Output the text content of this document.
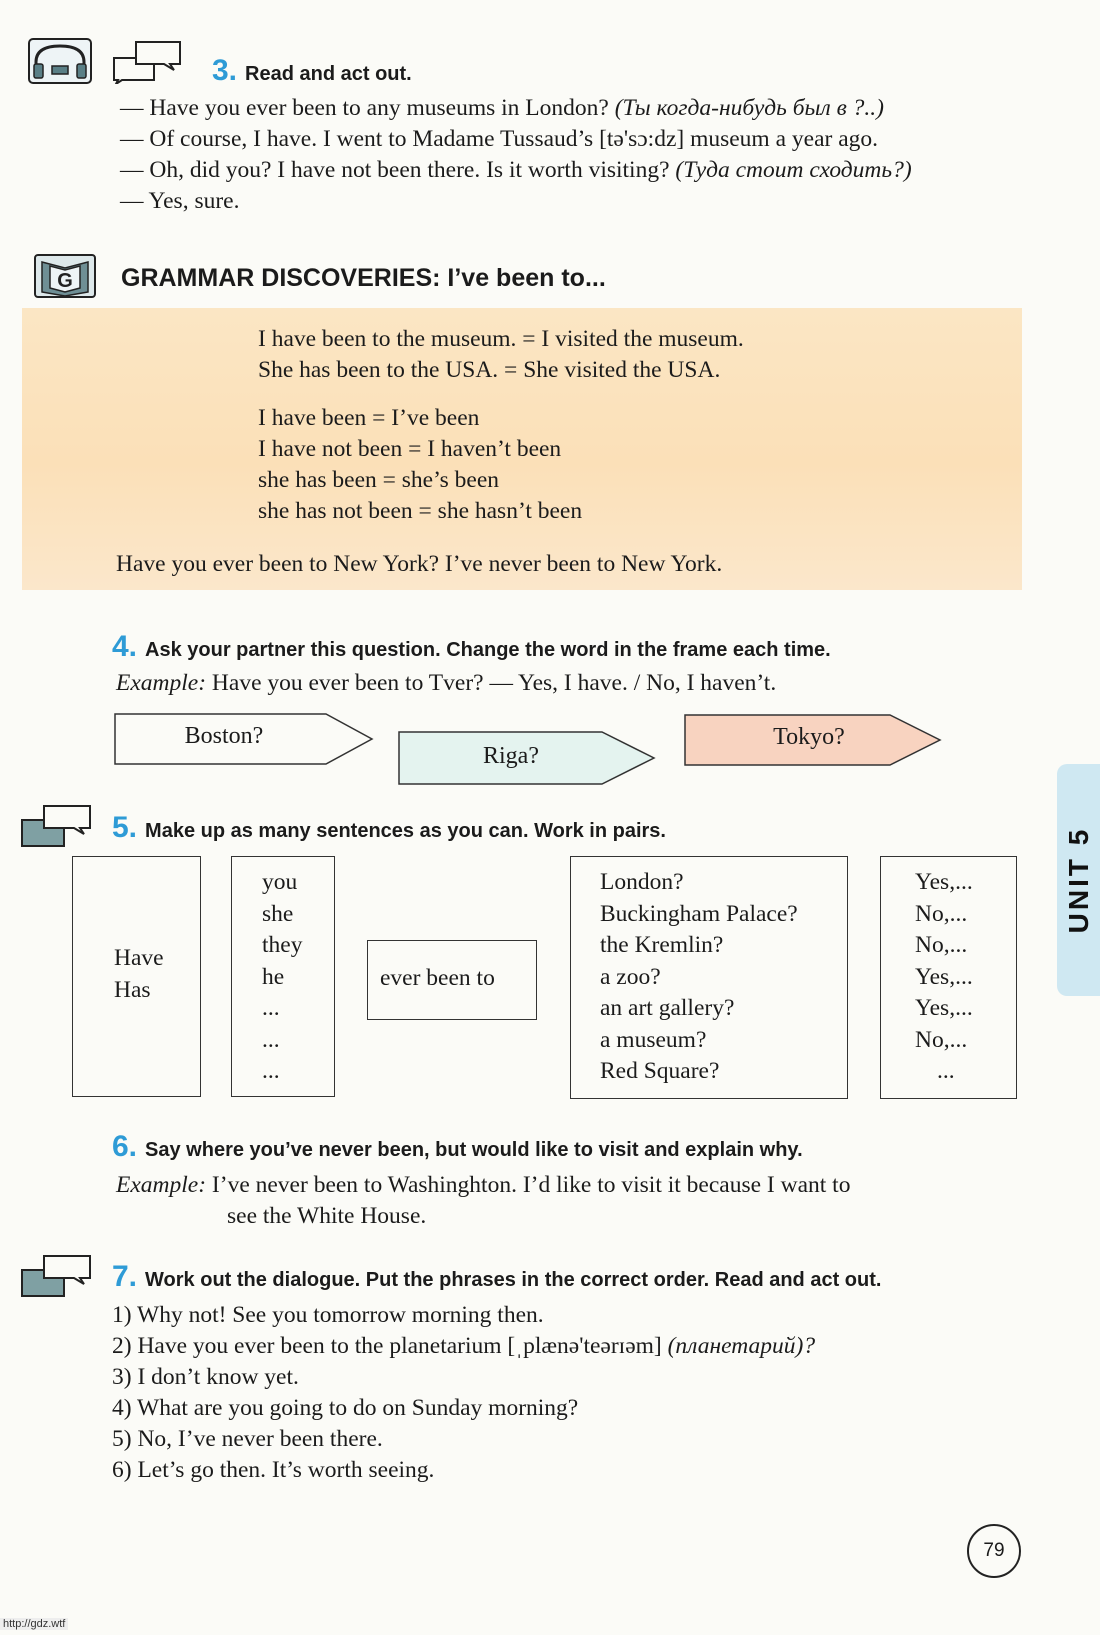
3. Read and act out.
— Have you ever been to any museums in London? (Ты когда-нибудь был в ?..)
— Of course, I have. I went to Madame Tussaud’s [tə'sɔ:dz] museum a year ago.
— Oh, did you? I have not been there. Is it worth visiting? (Туда стоит сходить?)
— Yes, sure.
G GRAMMAR DISCOVERIES: I’ve been to...
I have been to the museum. = I visited the museum.
She has been to the USA. = She visited the USA.
I have been = I’ve been
I have not been = I haven’t been
she has been = she’s been
she has not been = she hasn’t been
Have you ever been to New York? I’ve never been to New York.
4. Ask your partner this question. Change the word in the frame each time.
Example: Have you ever been to Tver? — Yes, I have. / No, I haven’t.
Boston?
Riga?
Tokyo?
5. Make up as many sentences as you can. Work in pairs.
Have
Has
you
she
they
he
...
...
...
ever been to
London?
Buckingham Palace?
the Kremlin?
a zoo?
an art gallery?
a museum?
Red Square?
Yes,...
No,...
No,...
Yes,...
Yes,...
No,...
...
6. Say where you’ve never been, but would like to visit and explain why.
Example: I’ve never been to Washinghton. I’d like to visit it because I want to
see the White House.
7. Work out the dialogue. Put the phrases in the correct order. Read and act out.
1) Why not! See you tomorrow morning then.
2) Have you ever been to the planetarium [ˌplænə'teərɪəm] (планетарий)?
3) I don’t know yet.
4) What are you going to do on Sunday morning?
5) No, I’ve never been there.
6) Let’s go then. It’s worth seeing.
UNIT 5
79
http://gdz.wtf
